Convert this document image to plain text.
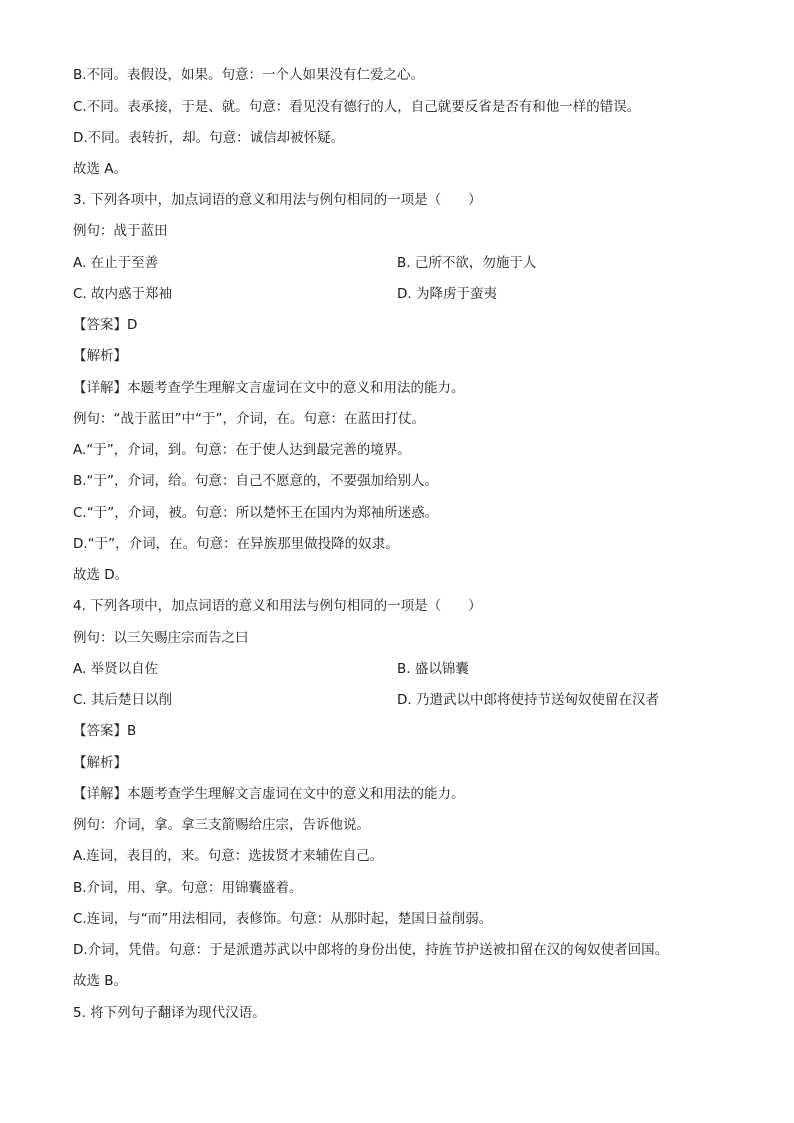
B.不同。表假设，如果。句意：一个人如果没有仁爱之心。
C.不同。表承接，于是、就。句意：看见没有德行的人，自己就要反省是否有和他一样的错误。
D.不同。表转折，却。句意：诚信却被怀疑。
故选 A。
3. 下列各项中，加点词语的意义和用法与例句相同的一项是（　　）
例句：战于蓝田
A. 在止于至善	B. 己所不欲，勿施于人
C. 故内惑于郑袖	D. 为降虏于蛮夷
【答案】D
【解析】
【详解】本题考查学生理解文言虚词在文中的意义和用法的能力。
例句：“战于蓝田”中“于”，介词，在。句意：在蓝田打仗。
A.“于”，介词，到。句意：在于使人达到最完善的境界。
B.“于”，介词，给。句意：自己不愿意的，不要强加给别人。
C.“于”，介词，被。句意：所以楚怀王在国内为郑袖所迷惑。
D.“于”，介词，在。句意：在异族那里做投降的奴隶。
故选 D。
4. 下列各项中，加点词语的意义和用法与例句相同的一项是（　　）
例句：以三矢赐庄宗而告之曰
A. 举贤以自佐	B. 盛以锦囊
C. 其后楚日以削	D. 乃遣武以中郎将使持节送匈奴使留在汉者
【答案】B
【解析】
【详解】本题考查学生理解文言虚词在文中的意义和用法的能力。
例句：介词，拿。拿三支箭赐给庄宗，告诉他说。
A.连词，表目的，来。句意：选拔贤才来辅佐自己。
B.介词，用、拿。句意：用锦囊盛着。
C.连词，与“而”用法相同，表修饰。句意：从那时起，楚国日益削弱。
D.介词，凭借。句意：于是派遣苏武以中郎将的身份出使，持旌节护送被扣留在汉的匈奴使者回国。
故选 B。
5. 将下列句子翻译为现代汉语。
